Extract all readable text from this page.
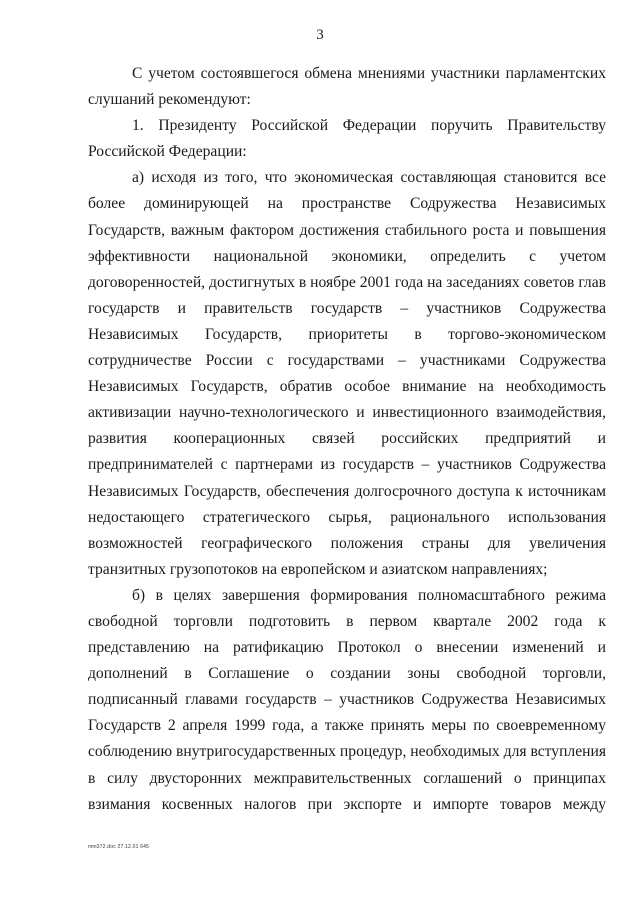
3
С учетом состоявшегося обмена мнениями участники парламентских
слушаний рекомендуют:
1. Президенту Российской Федерации поручить Правительству
Российской Федерации:
а) исходя из того, что экономическая составляющая становится все
более доминирующей на пространстве Содружества Независимых
Государств, важным фактором достижения стабильного роста и повышения
эффективности национальной экономики, определить с учетом
договоренностей, достигнутых в ноябре 2001 года на заседаниях советов глав
государств и правительств государств – участников Содружества
Независимых Государств, приоритеты в торгово-экономическом
сотрудничестве России с государствами – участниками Содружества
Независимых Государств, обратив особое внимание на необходимость
активизации научно-технологического и инвестиционного взаимодействия,
развития кооперационных связей российских предприятий и
предпринимателей с партнерами из государств – участников Содружества
Независимых Государств, обеспечения долгосрочного доступа к источникам
недостающего стратегического сырья, рационального использования
возможностей географического положения страны для увеличения
транзитных грузопотоков на европейском и азиатском направлениях;
б) в целях завершения формирования полномасштабного режима
свободной торговли подготовить в первом квартале 2002 года к
представлению на ратификацию Протокол о внесении изменений и
дополнений в Соглашение о создании зоны свободной торговли,
подписанный главами государств – участников Содружества Независимых
Государств 2 апреля 1999 года, а также принять меры по своевременному
соблюдению внутригосударственных процедур, необходимых для вступления
в силу двусторонних межправительственных соглашений о принципах
взимания косвенных налогов при экспорте и импорте товаров между
ппп372.doc 27.12.01 645
